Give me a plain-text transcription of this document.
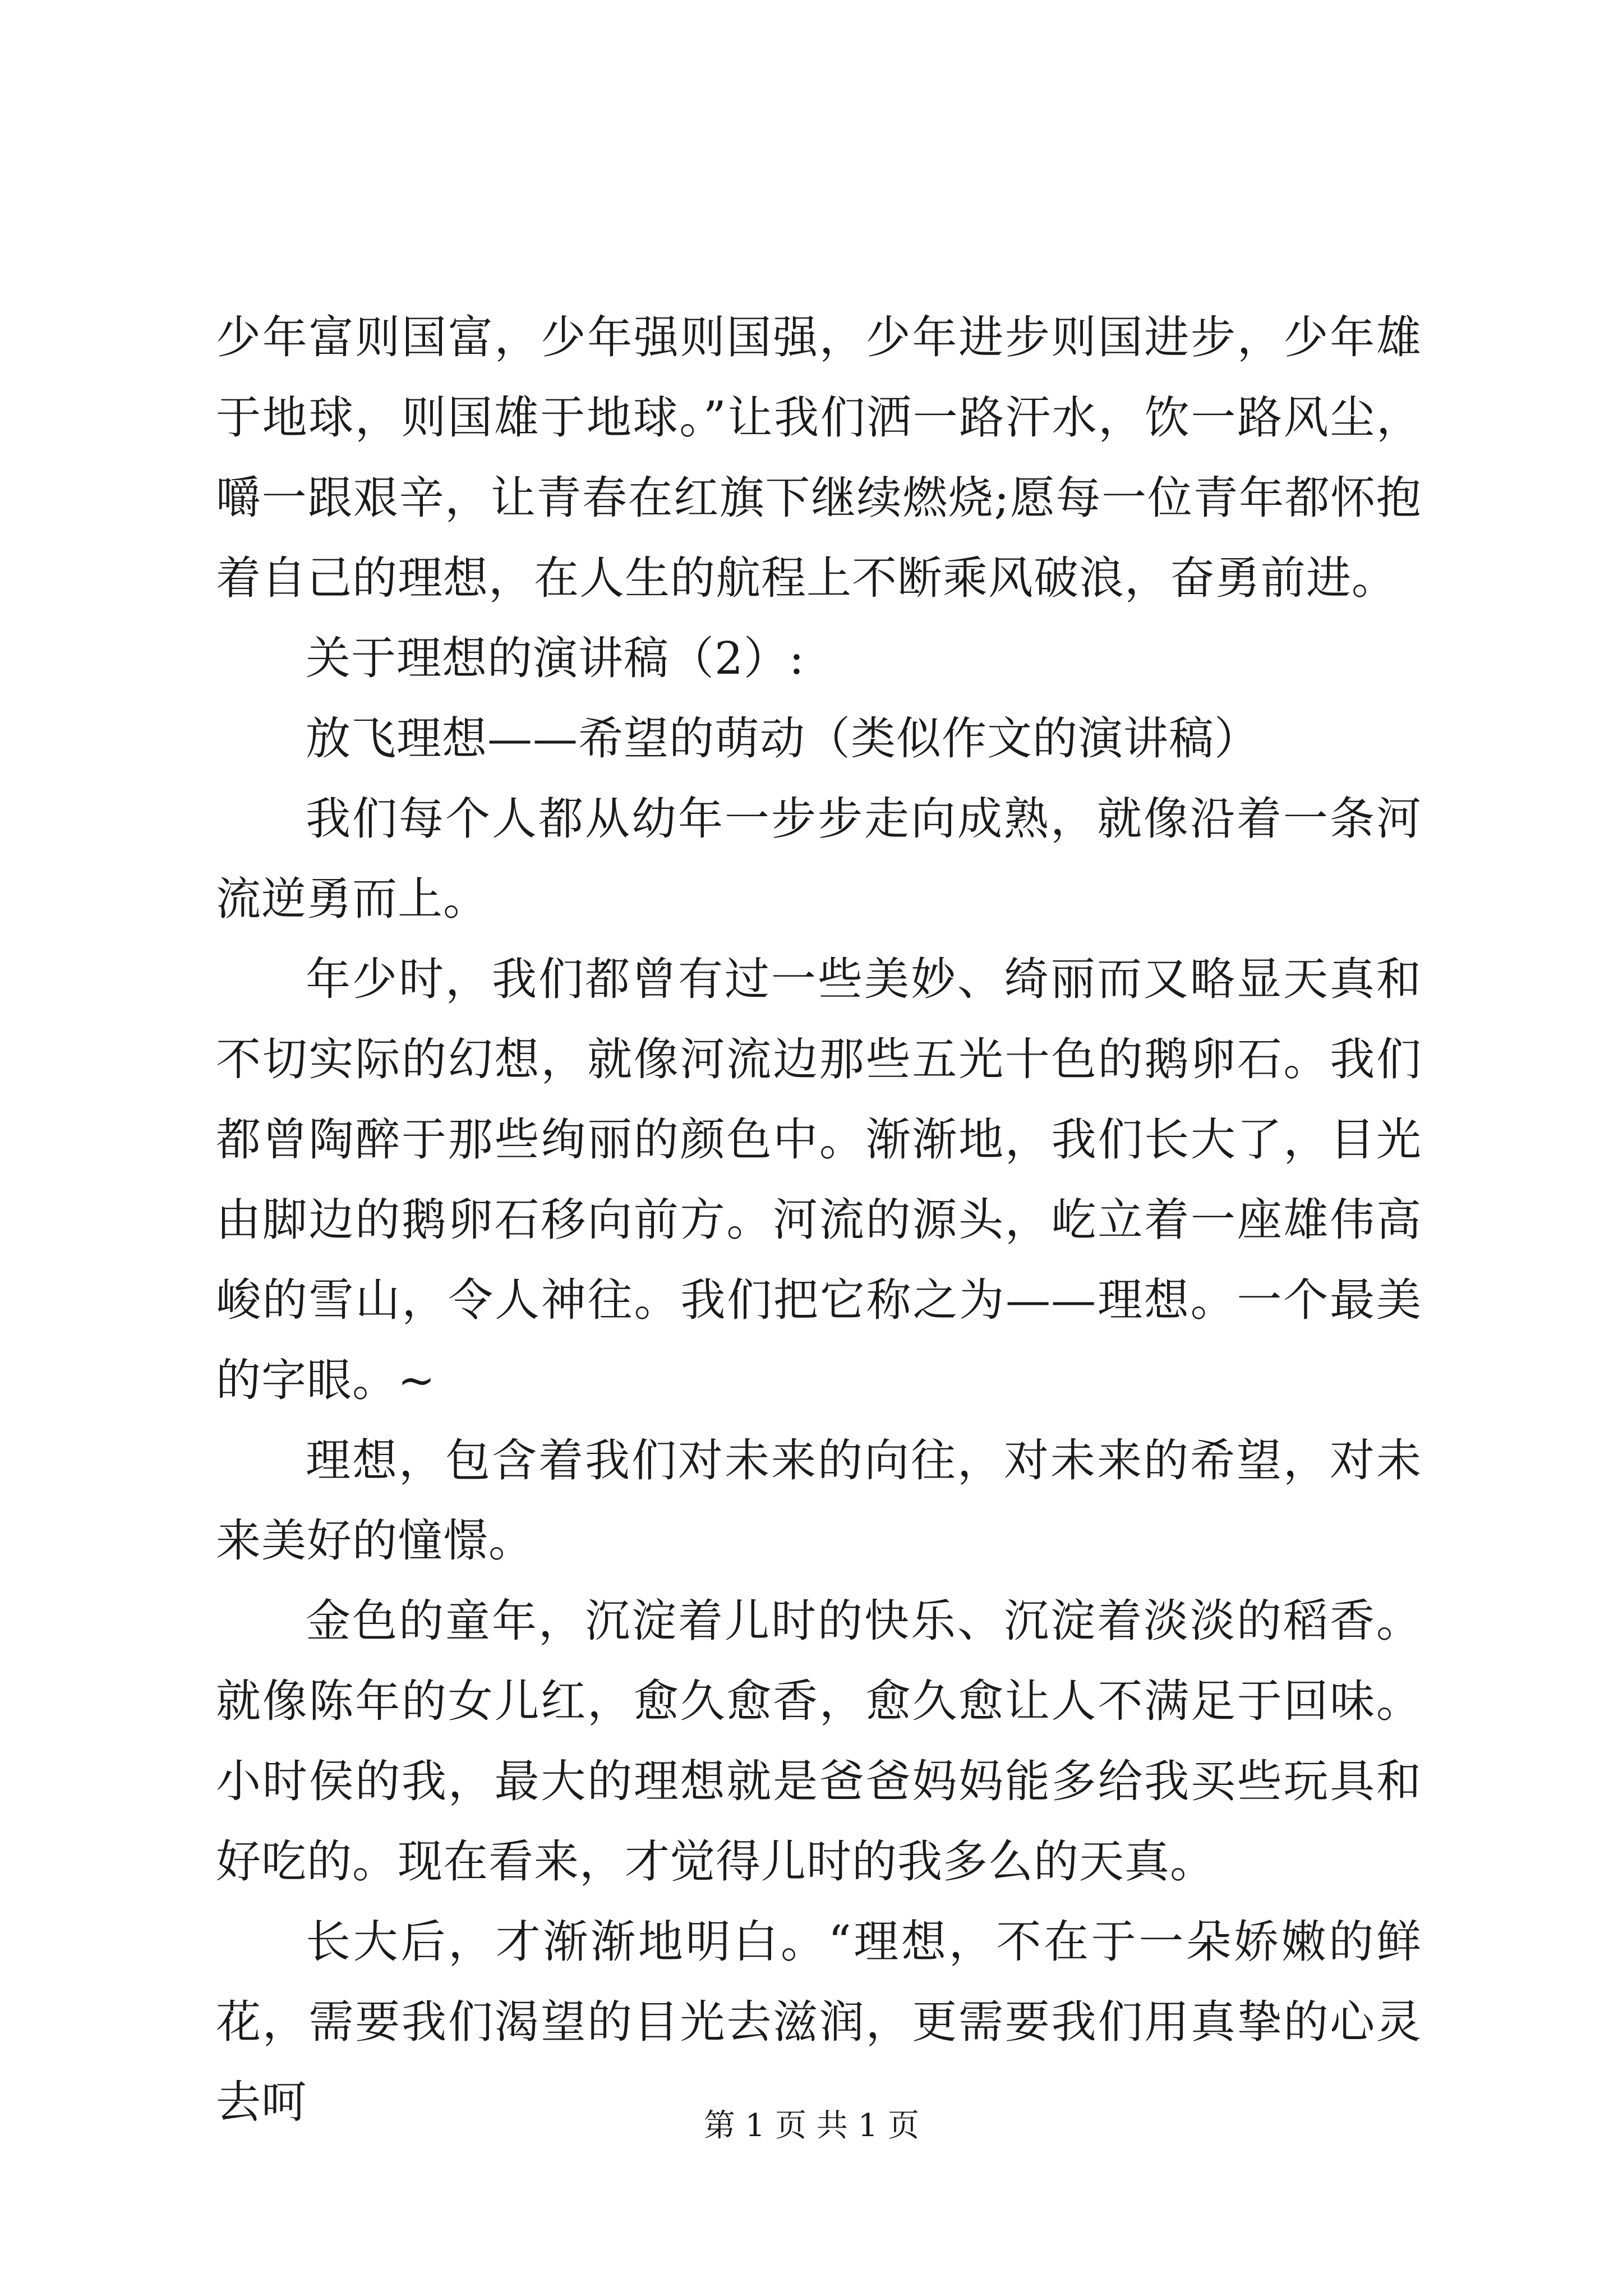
少年富则国富，少年强则国强，少年进步则国进步，少年雄于地球，则国雄于地球。”让我们洒一路汗水，饮一路风尘，嚼一跟艰辛，让青春在红旗下继续燃烧;愿每一位青年都怀抱着自己的理想，在人生的航程上不断乘风破浪，奋勇前进。

关于理想的演讲稿（2）:

放飞理想——希望的萌动（类似作文的演讲稿）

我们每个人都从幼年一步步走向成熟，就像沿着一条河流逆勇而上。

年少时，我们都曾有过一些美妙、绮丽而又略显天真和不切实际的幻想，就像河流边那些五光十色的鹅卵石。我们都曾陶醉于那些绚丽的颜色中。渐渐地，我们长大了，目光由脚边的鹅卵石移向前方。河流的源头，屹立着一座雄伟高峻的雪山，令人神往。我们把它称之为——理想。一个最美的字眼。~

理想，包含着我们对未来的向往，对未来的希望，对未来美好的憧憬。

金色的童年，沉淀着儿时的快乐、沉淀着淡淡的稻香。就像陈年的女儿红，愈久愈香，愈久愈让人不满足于回味。小时侯的我，最大的理想就是爸爸妈妈能多给我买些玩具和好吃的。现在看来，才觉得儿时的我多么的天真。

长大后，才渐渐地明白。“理想，不在于一朵娇嫩的鲜花，需要我们渴望的目光去滋润，更需要我们用真挚的心灵去呵	第 1 页 共 1 页
